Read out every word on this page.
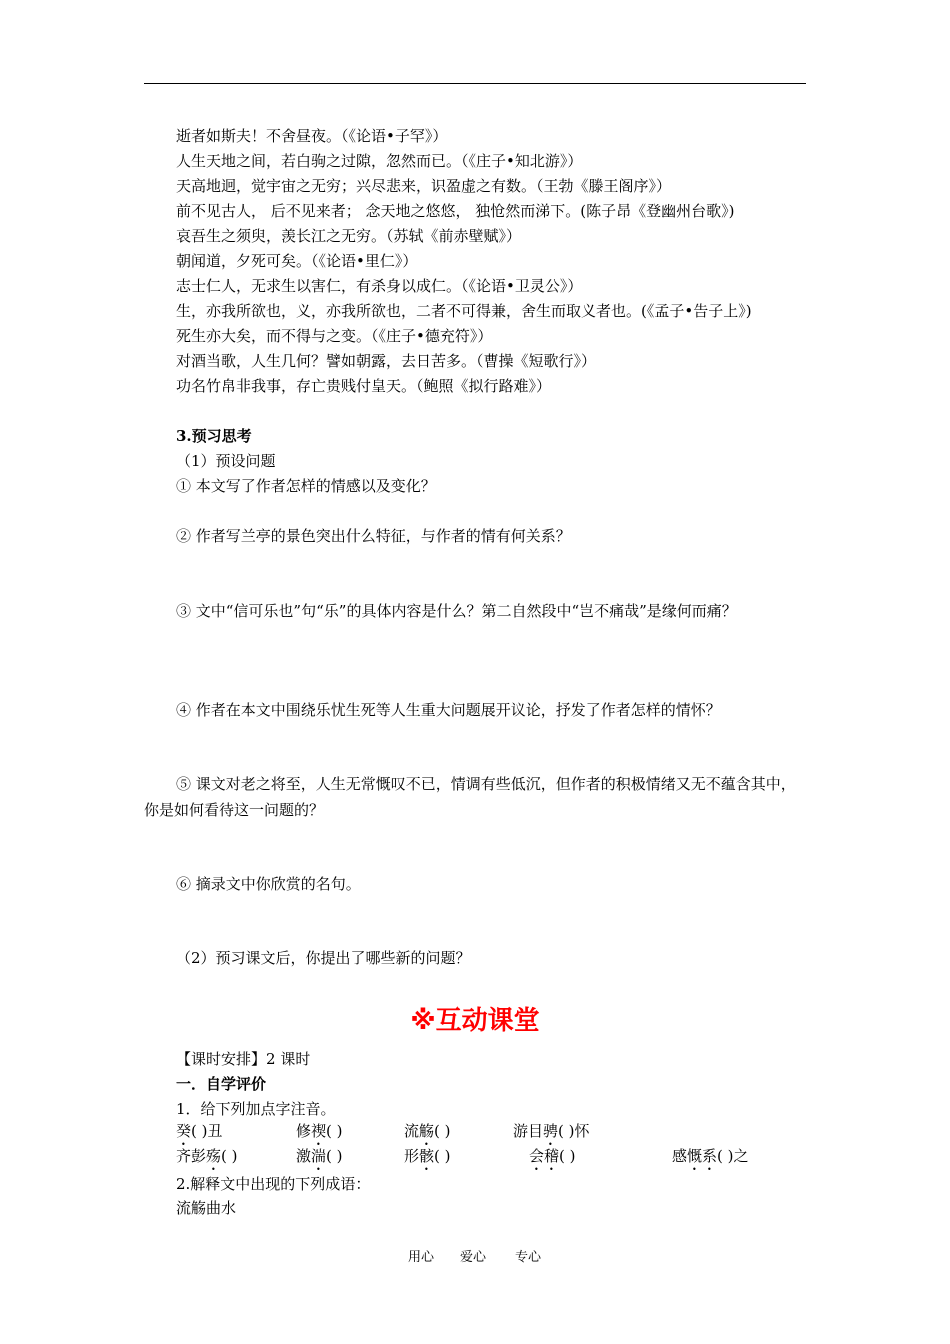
逝者如斯夫！不舍昼夜。（《论语•子罕》）
人生天地之间，若白驹之过隙，忽然而已。（《庄子•知北游》）
天高地迥，觉宇宙之无穷；兴尽悲来，识盈虚之有数。（王勃《滕王阁序》）
前不见古人， 后不见来者； 念天地之悠悠， 独怆然而涕下。(陈子昂《登幽州台歌》)
哀吾生之须臾，羡长江之无穷。（苏轼《前赤壁赋》）
朝闻道，夕死可矣。（《论语•里仁》）
志士仁人，无求生以害仁，有杀身以成仁。（《论语•卫灵公》）
生，亦我所欲也，义，亦我所欲也，二者不可得兼，舍生而取义者也。(《孟子•告子上》)
死生亦大矣，而不得与之变。（《庄子•德充符》）
对酒当歌，人生几何？譬如朝露，去日苦多。（曹操《短歌行》）
功名竹帛非我事，存亡贵贱付皇天。（鲍照《拟行路难》）
3.预习思考
（1）预设问题
① 本文写了作者怎样的情感以及变化？
② 作者写兰亭的景色突出什么特征，与作者的情有何关系？
③ 文中“信可乐也”句“乐”的具体内容是什么？第二自然段中“岂不痛哉”是缘何而痛？
④ 作者在本文中围绕乐忧生死等人生重大问题展开议论，抒发了作者怎样的情怀？
⑤ 课文对老之将至，人生无常慨叹不已，情调有些低沉，但作者的积极情绪又无不蕴含其中，你是如何看待这一问题的？
⑥ 摘录文中你欣赏的名句。
（2）预习课文后，你提出了哪些新的问题？
※互动课堂
【课时安排】2 课时
一．自学评价
1．给下列加点字注音。
癸( )丑	修禊( )	流觞( )	游目骋( )怀
齐彭殇( )	激湍( )	形骸( )	会稽( )	感慨系( )之
2.解释文中出现的下列成语：
流觞曲水
用心 爱心 专心
